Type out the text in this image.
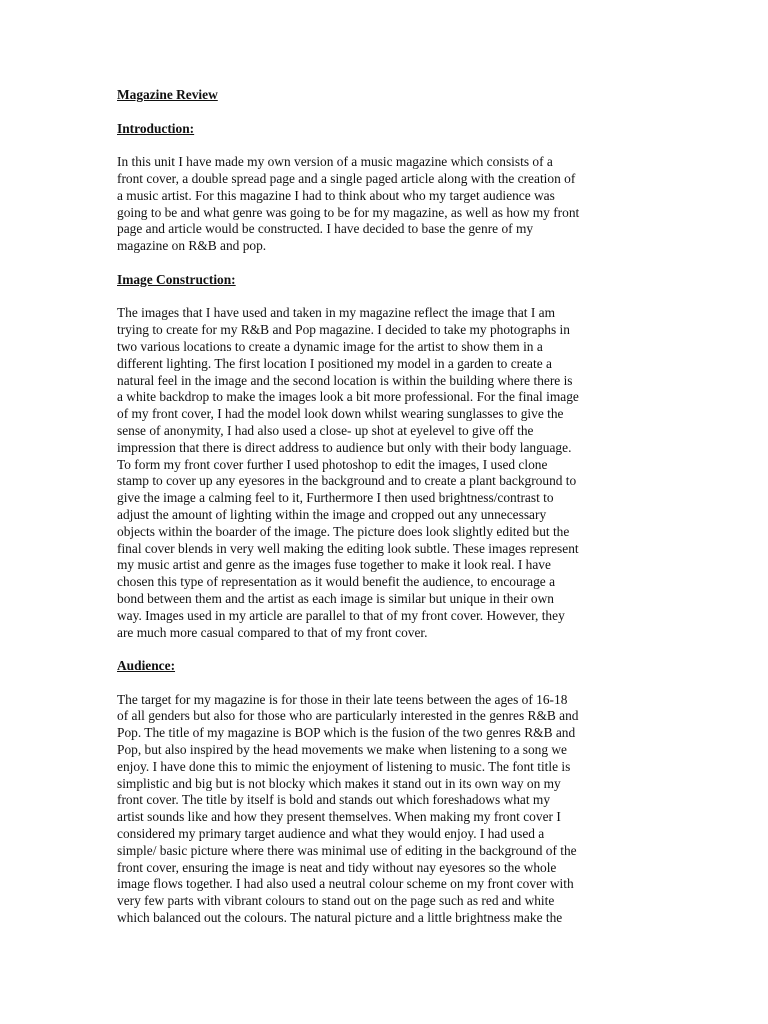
Magazine Review
Introduction:
In this unit I have made my own version of a music magazine which consists of a
front cover, a double spread page and a single paged article along with the creation of
a music artist. For this magazine I had to think about who my target audience was
going to be and what genre was going to be for my magazine, as well as how my front
page and article would be constructed. I have decided to base the genre of my
magazine on R&B and pop.
Image Construction:
The images that I have used and taken in my magazine reflect the image that I am
trying to create for my R&B and Pop magazine. I decided to take my photographs in
two various locations to create a dynamic image for the artist to show them in a
different lighting. The first location I positioned my model in a garden to create a
natural feel in the image and the second location is within the building where there is
a white backdrop to make the images look a bit more professional. For the final image
of my front cover, I had the model look down whilst wearing sunglasses to give the
sense of anonymity, I had also used a close- up shot at eyelevel to give off the
impression that there is direct address to audience but only with their body language.
To form my front cover further I used photoshop to edit the images, I used clone
stamp to cover up any eyesores in the background and to create a plant background to
give the image a calming feel to it, Furthermore I then used brightness/contrast to
adjust the amount of lighting within the image and cropped out any unnecessary
objects within the boarder of the image. The picture does look slightly edited but the
final cover blends in very well making the editing look subtle. These images represent
my music artist and genre as the images fuse together to make it look real. I have
chosen this type of representation as it would benefit the audience, to encourage a
bond between them and the artist as each image is similar but unique in their own
way. Images used in my article are parallel to that of my front cover. However, they
are much more casual compared to that of my front cover.
Audience:
The target for my magazine is for those in their late teens between the ages of 16-18
of all genders but also for those who are particularly interested in the genres R&B and
Pop. The title of my magazine is BOP which is the fusion of the two genres R&B and
Pop, but also inspired by the head movements we make when listening to a song we
enjoy. I have done this to mimic the enjoyment of listening to music. The font title is
simplistic and big but is not blocky which makes it stand out in its own way on my
front cover. The title by itself is bold and stands out which foreshadows what my
artist sounds like and how they present themselves. When making my front cover I
considered my primary target audience and what they would enjoy. I had used a
simple/ basic picture where there was minimal use of editing in the background of the
front cover, ensuring the image is neat and tidy without nay eyesores so the whole
image flows together. I had also used a neutral colour scheme on my front cover with
very few parts with vibrant colours to stand out on the page such as red and white
which balanced out the colours. The natural picture and a little brightness make the
